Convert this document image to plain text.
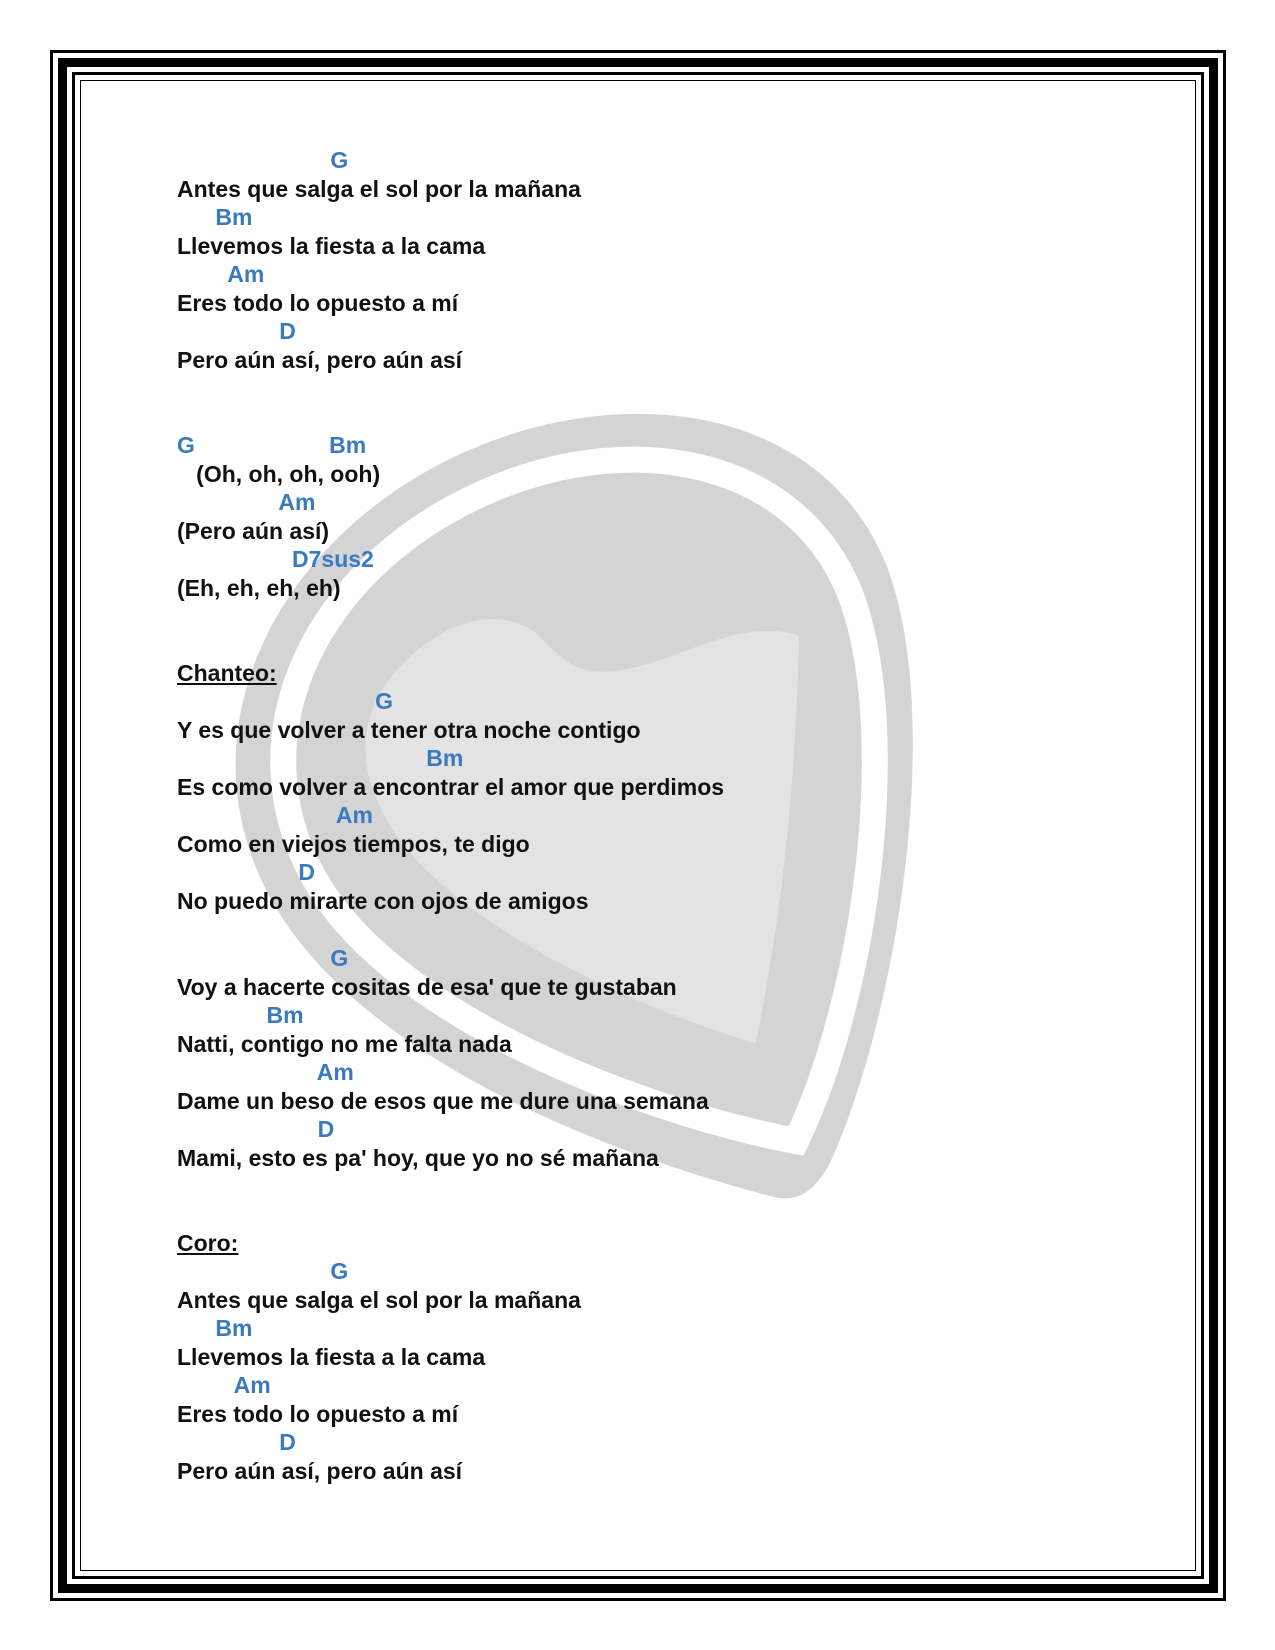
G
Antes que salga el sol por la mañana
Bm
Llevemos la fiesta a la cama
Am
Eres todo lo opuesto a mí
D
Pero aún así, pero aún así
G                     Bm
(Oh, oh, oh, ooh)
Am
(Pero aún así)
D7sus2
(Eh, eh, eh, eh)
Chanteo:
G
Y es que volver a tener otra noche contigo
Bm
Es como volver a encontrar el amor que perdimos
Am
Como en viejos tiempos, te digo
D
No puedo mirarte con ojos de amigos
G
Voy a hacerte cositas de esa' que te gustaban
Bm
Natti, contigo no me falta nada
Am
Dame un beso de esos que me dure una semana
D
Mami, esto es pa' hoy, que yo no sé mañana
Coro:
G
Antes que salga el sol por la mañana
Bm
Llevemos la fiesta a la cama
Am
Eres todo lo opuesto a mí
D
Pero aún así, pero aún así
